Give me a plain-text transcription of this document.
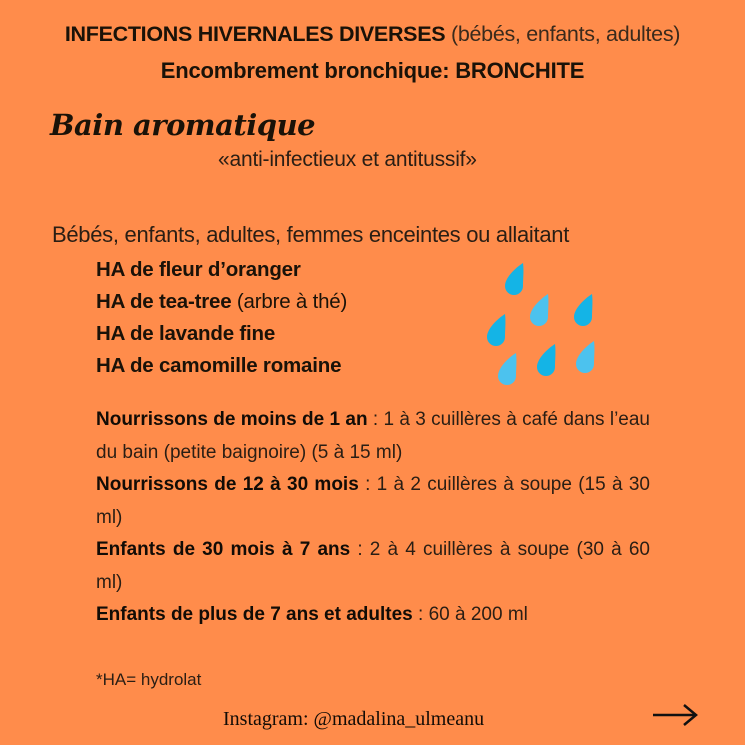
INFECTIONS HIVERNALES DIVERSES (bébés, enfants, adultes)
Encombrement bronchique: BRONCHITE
Bain aromatique
«anti-infectieux et antitussif»
Bébés, enfants, adultes, femmes enceintes ou allaitant
HA de fleur d’oranger
HA de tea-tree (arbre à thé)
HA de lavande fine
HA de camomille romaine
Nourrissons de moins de 1 an : 1 à 3 cuillères à café dans l’eau du bain (petite baignoire) (5 à 15 ml)
Nourrissons de 12 à 30 mois : 1 à 2 cuillères à soupe (15 à 30 ml)
Enfants de 30 mois à 7 ans : 2 à 4 cuillères à soupe (30 à 60 ml)
Enfants de plus de 7 ans et adultes : 60 à 200 ml
*HA= hydrolat
Instagram: @madalina_ulmeanu
